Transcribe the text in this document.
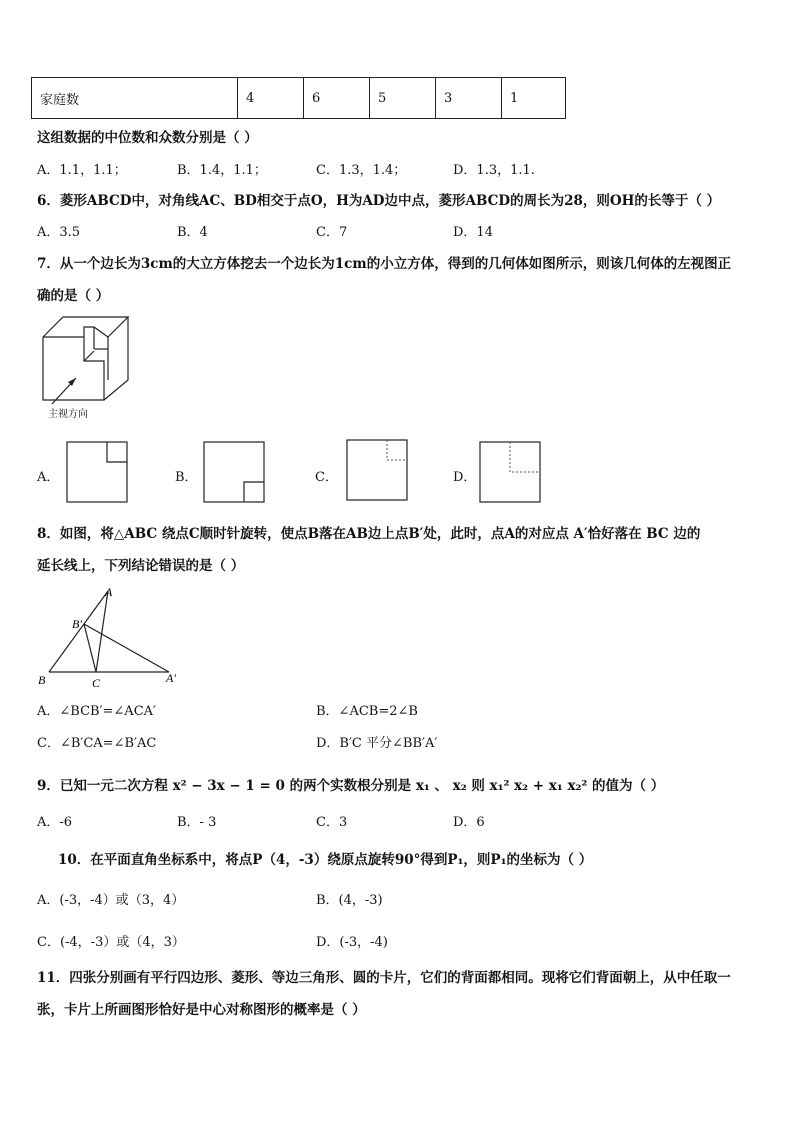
家庭数	4	6	5	3	1
这组数据的中位数和众数分别是（ ）
A．1.1，1.1；	B．1.4，1.1；	C．1.3，1.4；	D．1.3，1.1.
6．菱形ABCD中，对角线AC、BD相交于点O，H为AD边中点，菱形ABCD的周长为28，则OH的长等于（ ）
A．3.5	B．4	C．7	D．14
7．从一个边长为3cm的大立方体挖去一个边长为1cm的小立方体，得到的几何体如图所示，则该几何体的左视图正
确的是（ ）
主视方向
A．	B．	C．	D．
8．如图，将△ABC 绕点C顺时针旋转，使点B落在AB边上点B′处，此时，点A的对应点 A′恰好落在 BC 边的
延长线上，下列结论错误的是（ ）
A
B′
B	C	A′
A．∠BCB′=∠ACA′	B．∠ACB=2∠B
C．∠B′CA=∠B′AC	D．B′C 平分∠BB′A′
9．已知一元二次方程 x² − 3x − 1 = 0 的两个实数根分别是 x₁ 、 x₂ 则 x₁² x₂ + x₁ x₂² 的值为（ ）
A．-6	B．- 3	C．3	D．6
10．在平面直角坐标系中，将点P（4，-3）绕原点旋转90°得到P₁，则P₁的坐标为（ ）
A．(-3，-4）或（3，4）	B．(4，-3)
C．(-4，-3）或（4，3）	D．(-3，-4)
11．四张分别画有平行四边形、菱形、等边三角形、圆的卡片，它们的背面都相同。现将它们背面朝上，从中任取一
张，卡片上所画图形恰好是中心对称图形的概率是（ ）
